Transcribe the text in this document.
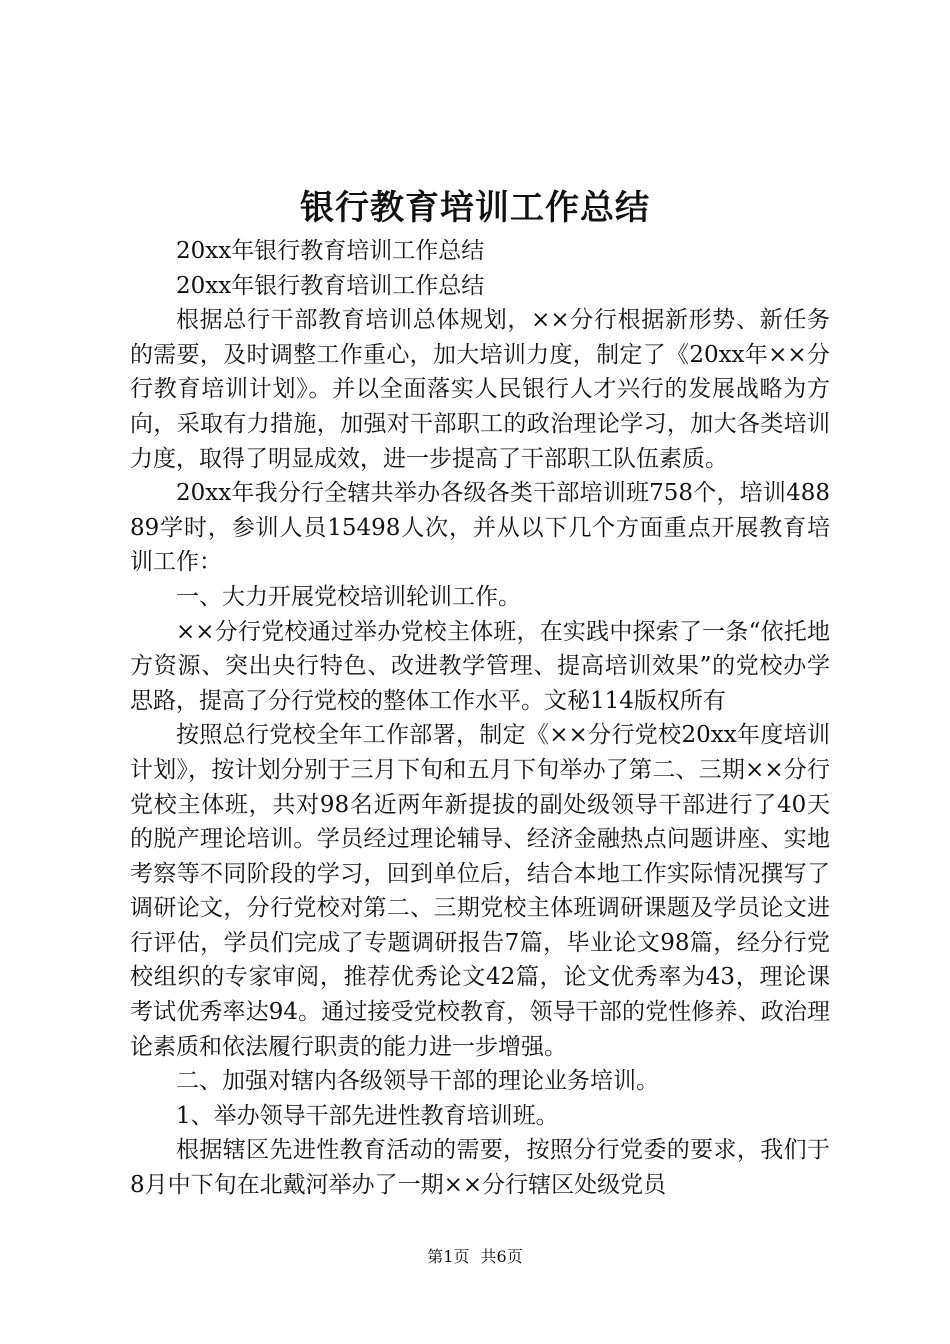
银行教育培训工作总结

20xx年银行教育培训工作总结

20xx年银行教育培训工作总结

根据总行干部教育培训总体规划，××分行根据新形势、新任务的需要，及时调整工作重心，加大培训力度，制定了《20xx年××分行教育培训计划》。并以全面落实人民银行人才兴行的发展战略为方向，采取有力措施，加强对干部职工的政治理论学习，加大各类培训力度，取得了明显成效，进一步提高了干部职工队伍素质。

20xx年我分行全辖共举办各级各类干部培训班758个，培训48889学时，参训人员15498人次，并从以下几个方面重点开展教育培训工作：

一、大力开展党校培训轮训工作。

××分行党校通过举办党校主体班，在实践中探索了一条“依托地方资源、突出央行特色、改进教学管理、提高培训效果”的党校办学思路，提高了分行党校的整体工作水平。文秘114版权所有

按照总行党校全年工作部署，制定《××分行党校20xx年度培训计划》，按计划分别于三月下旬和五月下旬举办了第二、三期××分行党校主体班，共对98名近两年新提拔的副处级领导干部进行了40天的脱产理论培训。学员经过理论辅导、经济金融热点问题讲座、实地考察等不同阶段的学习，回到单位后，结合本地工作实际情况撰写了调研论文，分行党校对第二、三期党校主体班调研课题及学员论文进行评估，学员们完成了专题调研报告7篇，毕业论文98篇，经分行党校组织的专家审阅，推荐优秀论文42篇，论文优秀率为43，理论课考试优秀率达94。通过接受党校教育，领导干部的党性修养、政治理论素质和依法履行职责的能力进一步增强。

二、加强对辖内各级领导干部的理论业务培训。

1、举办领导干部先进性教育培训班。

根据辖区先进性教育活动的需要，按照分行党委的要求，我们于8月中下旬在北戴河举办了一期××分行辖区处级党员

第1页 共6页
